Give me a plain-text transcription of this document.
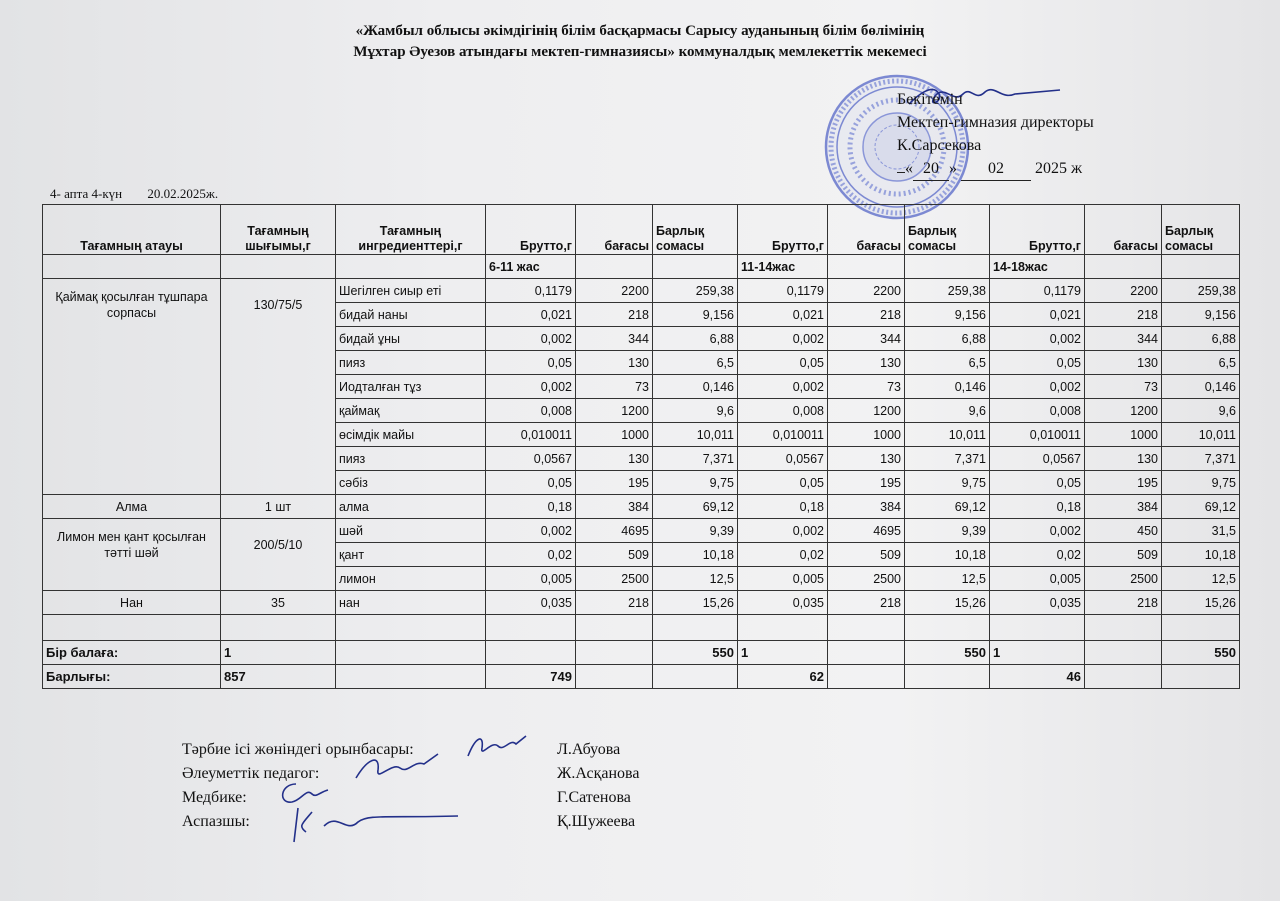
«Жамбыл облысы әкімдігінің білім басқармасы Сарысу ауданының білім бөлімінің
Мұхтар Әуезов атындағы мектеп-гимназиясы» коммуналдық мемлекеттік мекемесі
Бекітемін
Мектеп-гимназия директоры
К.Сарсекова
« 20 » 02 2025 ж
4- апта 4-күн 20.02.2025ж.
Тағамның атауы	Тағамның шығымы,г	Тағамның ингредиенттері,г	Брутто,г	бағасы	Барлық сомасы	Брутто,г	бағасы	Барлық сомасы	Брутто,г	бағасы	Барлық сомасы
			6-11 жас			11-14жас			14-18жас		
Қаймақ қосылған тұшпара сорпасы	130/75/5	Шегілген сиыр еті	0,1179	2200	259,38	0,1179	2200	259,38	0,1179	2200	259,38
		бидай наны	0,021	218	9,156	0,021	218	9,156	0,021	218	9,156
		бидай ұны	0,002	344	6,88	0,002	344	6,88	0,002	344	6,88
		пияз	0,05	130	6,5	0,05	130	6,5	0,05	130	6,5
		Иодталған тұз	0,002	73	0,146	0,002	73	0,146	0,002	73	0,146
		қаймақ	0,008	1200	9,6	0,008	1200	9,6	0,008	1200	9,6
		өсімдік майы	0,010011	1000	10,011	0,010011	1000	10,011	0,010011	1000	10,011
		пияз	0,0567	130	7,371	0,0567	130	7,371	0,0567	130	7,371
		сәбіз	0,05	195	9,75	0,05	195	9,75	0,05	195	9,75
Алма	1 шт	алма	0,18	384	69,12	0,18	384	69,12	0,18	384	69,12
Лимон мен қант қосылған тәтті шәй	200/5/10	шәй	0,002	4695	9,39	0,002	4695	9,39	0,002	450	31,5
		қант	0,02	509	10,18	0,02	509	10,18	0,02	509	10,18
		лимон	0,005	2500	12,5	0,005	2500	12,5	0,005	2500	12,5
Нан	35	нан	0,035	218	15,26	0,035	218	15,26	0,035	218	15,26

Бір балаға:	1				550	1		550	1		550
Барлығы:	857		749			62			46		
Тәрбие ісі жөніндегі орынбасары:	Л.Абуова
Әлеуметтік педагог:	Ж.Асқанова
Медбике:	Г.Сатенова
Аспазшы:	Қ.Шужеева
